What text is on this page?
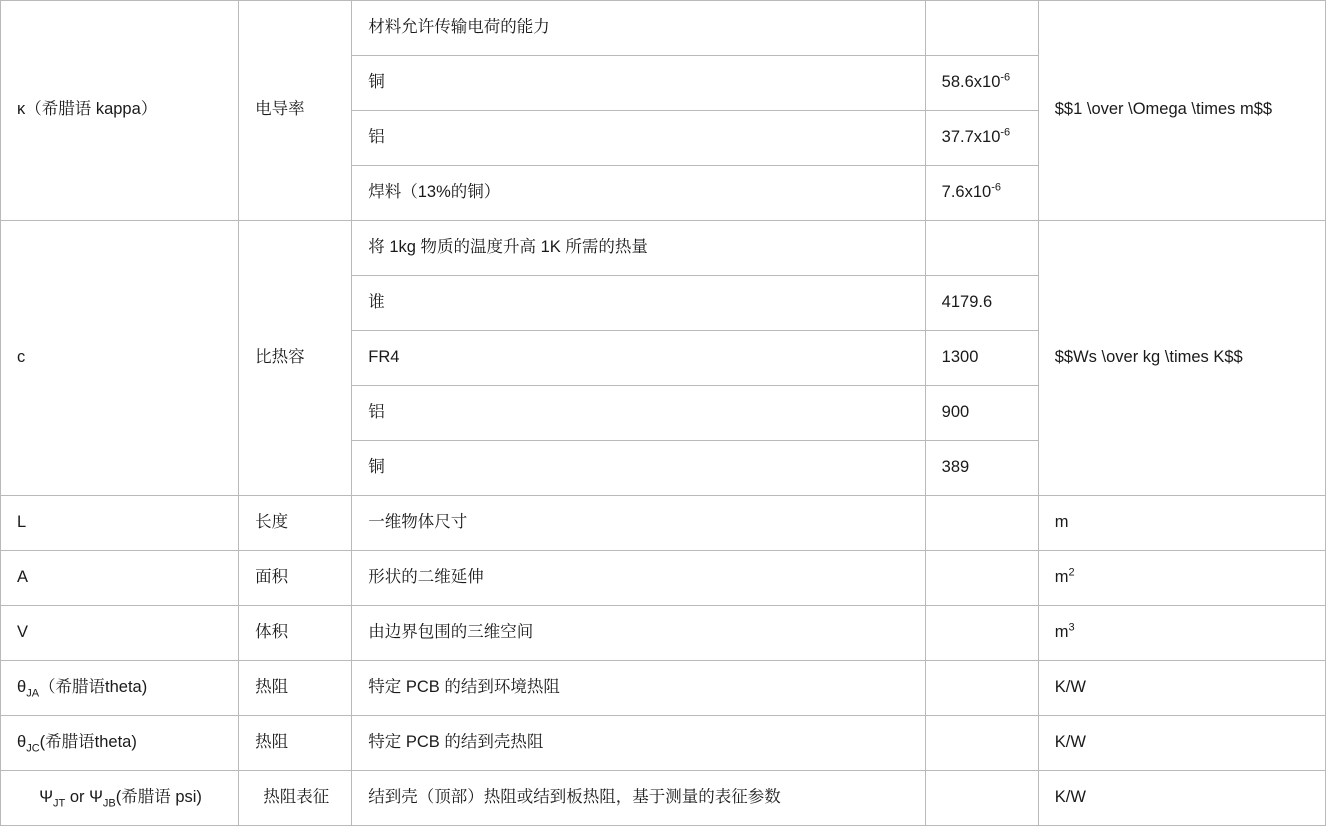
κ（希腊语 kappa）	电导率	材料允许传输电荷的能力		$$1 \over \Omega \times m$$

		铜	$58.6x10^{-6}$

		铝	$37.7x10^{-6}$

		焊料（13%的铜）	$7.6x10^{-6}$

c	比热容	将 1kg 物质的温度升高 1K 所需的热量		$$Ws \over kg \times K$$

		谁	4179.6	

		FR4	1300	

		铝	900	

		铜	389	

L	长度	一维物体尺寸		m

A	面积	形状的二维延伸		$m^2$

V	体积	由边界包围的三维空间		$m^3$

$\theta_{JA}$（希腊语theta)	热阻	特定 PCB 的结到环境热阻		K/W

$\theta_{JC}$(希腊语theta)	热阻	特定 PCB 的结到壳热阻		K/W

$\Psi_{JT}$ or $\Psi_{JB}$(希腊语 psi)	热阻表征	结到壳（顶部）热阻或结到板热阻，基于测量的表征参数		K/W
